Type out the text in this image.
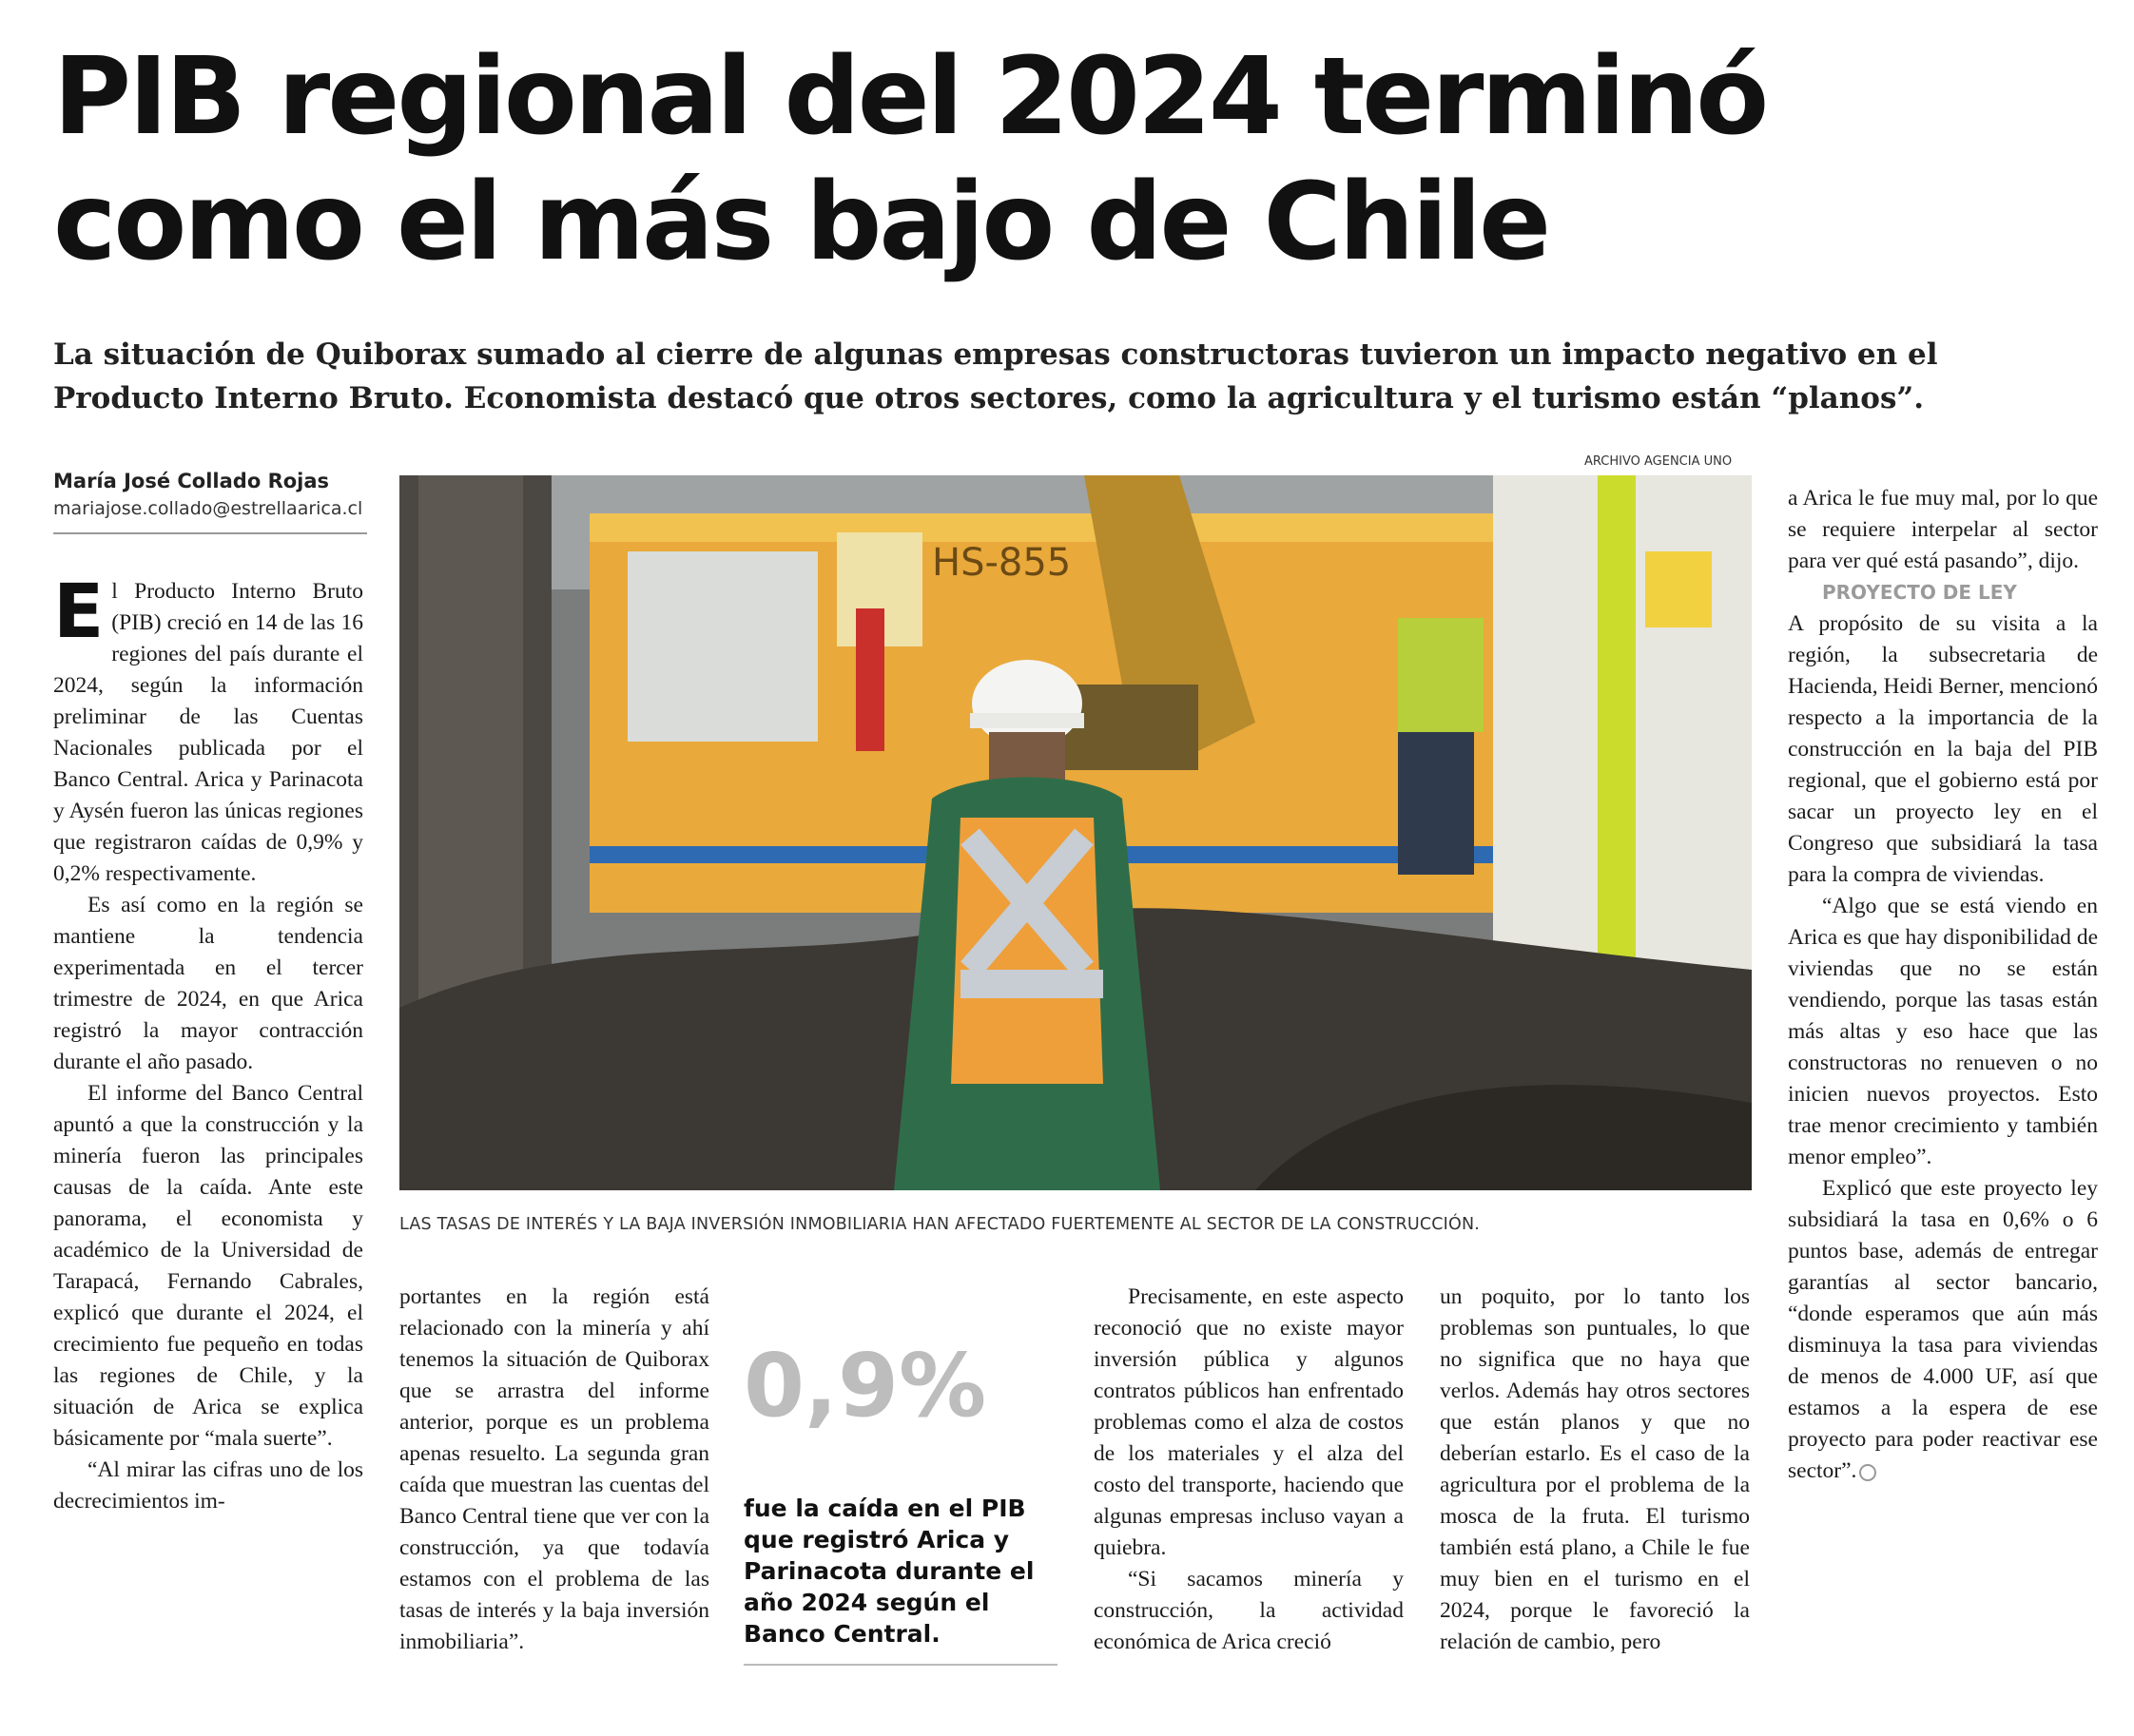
PIB regional del 2024 terminó
como el más bajo de Chile

La situación de Quiborax sumado al cierre de algunas empresas constructoras tuvieron un impacto negativo en el Producto Interno Bruto. Economista destacó que otros sectores, como la agricultura y el turismo están “planos”.

María José Collado Rojas
mariajose.collado@estrellaarica.cl

El Producto Interno Bruto (PIB) creció en 14 de las 16 regiones del país durante el 2024, según la información preliminar de las Cuentas Nacionales publicada por el Banco Central. Arica y Parinacota y Aysén fueron las únicas regiones que registraron caídas de 0,9% y 0,2% respectivamente.

Es así como en la región se mantiene la tendencia experimentada en el tercer trimestre de 2024, en que Arica registró la mayor contracción durante el año pasado.

El informe del Banco Central apuntó a que la construcción y la minería fueron las principales causas de la caída. Ante este panorama, el economista y académico de la Universidad de Tarapacá, Fernando Cabrales, explicó que durante el 2024, el crecimiento fue pequeño en todas las regiones de Chile, y la situación de Arica se explica básicamente por “mala suerte”.

“Al mirar las cifras uno de los decrecimientos im-

ARCHIVO AGENCIA UNO
HS-855
LAS TASAS DE INTERÉS Y LA BAJA INVERSIÓN INMOBILIARIA HAN AFECTADO FUERTEMENTE AL SECTOR DE LA CONSTRUCCIÓN.

portantes en la región está relacionado con la minería y ahí tenemos la situación de Quiborax que se arrastra del informe anterior, porque es un problema apenas resuelto. La segunda gran caída que muestran las cuentas del Banco Central tiene que ver con la construcción, ya que todavía estamos con el problema de las tasas de interés y la baja inversión inmobiliaria”.

0,9%

fue la caída en el PIB que registró Arica y Parinacota durante el año 2024 según el Banco Central.

Precisamente, en este aspecto reconoció que no existe mayor inversión pública y algunos contratos públicos han enfrentado problemas como el alza de costos de los materiales y el alza del costo del transporte, haciendo que algunas empresas incluso vayan a quiebra.

“Si sacamos minería y construcción, la actividad económica de Arica creció

un poquito, por lo tanto los problemas son puntuales, lo que no significa que no haya que verlos. Además hay otros sectores que están planos y que no deberían estarlo. Es el caso de la agricultura por el problema de la mosca de la fruta. El turismo también está plano, a Chile le fue muy bien en el turismo en el 2024, porque le favoreció la relación de cambio, pero

a Arica le fue muy mal, por lo que se requiere interpelar al sector para ver qué está pasando”, dijo.

PROYECTO DE LEY

A propósito de su visita a la región, la subsecretaria de Hacienda, Heidi Berner, mencionó respecto a la importancia de la construcción en la baja del PIB regional, que el gobierno está por sacar un proyecto ley en el Congreso que subsidiará la tasa para la compra de viviendas.

“Algo que se está viendo en Arica es que hay disponibilidad de viviendas que no se están vendiendo, porque las tasas están más altas y eso hace que las constructoras no renueven o no inicien nuevos proyectos. Esto trae menor crecimiento y también menor empleo”.

Explicó que este proyecto ley subsidiará la tasa en 0,6% o 6 puntos base, además de entregar garantías al sector bancario, “donde esperamos que aún más disminuya la tasa para viviendas de menos de 4.000 UF, así que estamos a la espera de ese proyecto para poder reactivar ese sector”.
